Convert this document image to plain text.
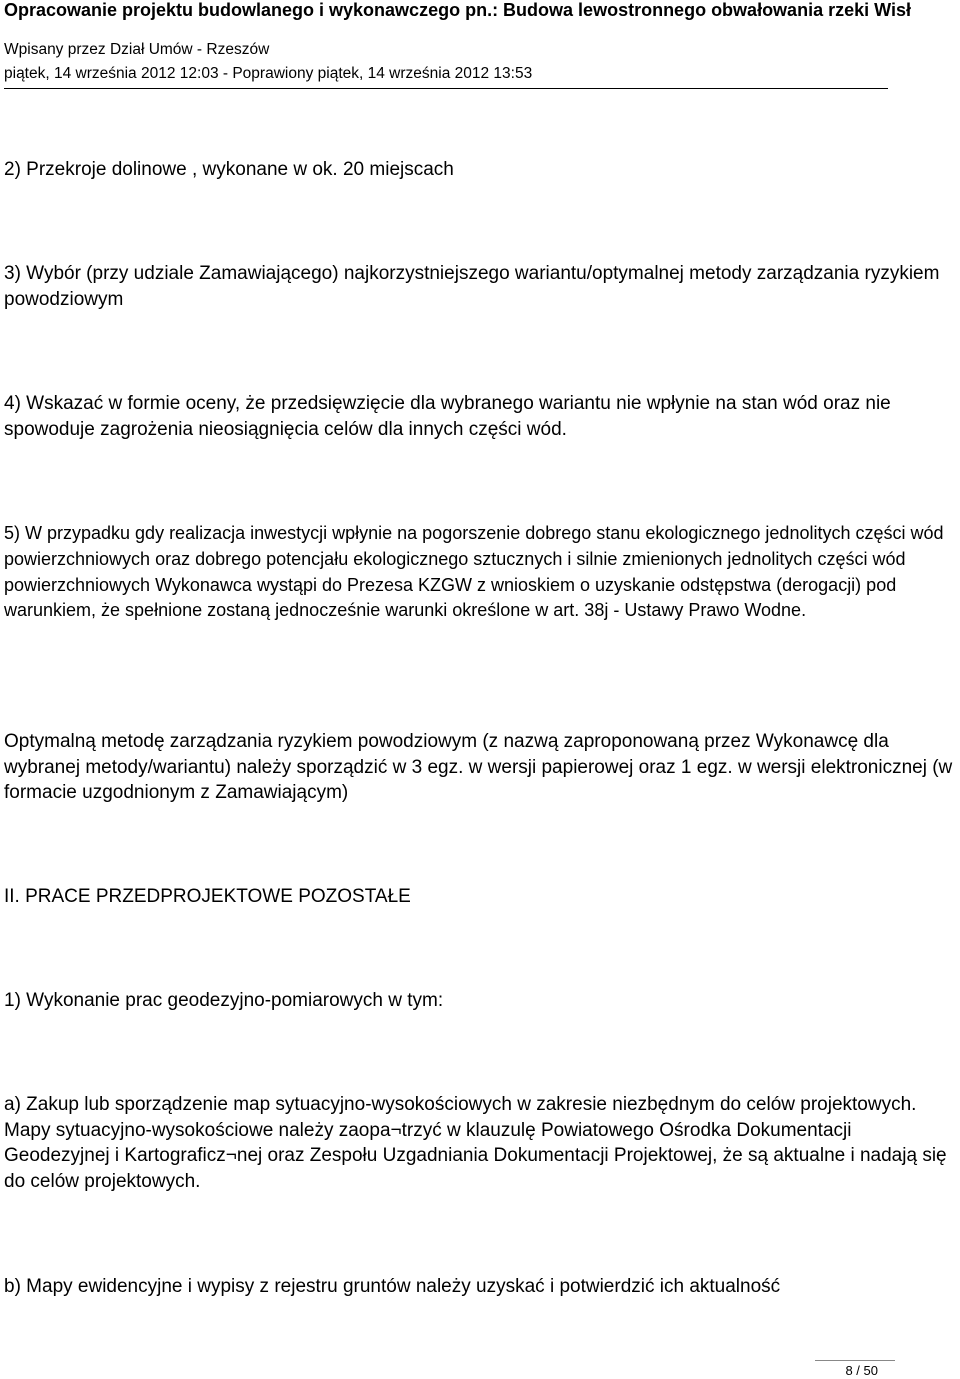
Opracowanie projektu budowlanego i wykonawczego pn.: Budowa lewostronnego obwałowania rzeki Wisł
Wpisany przez Dział Umów - Rzeszów
piątek, 14 września 2012 12:03 - Poprawiony piątek, 14 września 2012 13:53

2) Przekroje dolinowe , wykonane w ok. 20 miejscach

3) Wybór (przy udziale Zamawiającego) najkorzystniejszego wariantu/optymalnej metody zarządzania ryzykiem powodziowym

4) Wskazać w formie oceny, że przedsięwzięcie dla wybranego wariantu nie wpłynie na stan wód oraz nie spowoduje zagrożenia nieosiągnięcia celów dla innych części wód.

5) W przypadku gdy realizacja inwestycji wpłynie na pogorszenie dobrego stanu ekologicznego jednolitych części wód powierzchniowych oraz dobrego potencjału ekologicznego sztucznych i silnie zmienionych jednolitych części wód powierzchniowych Wykonawca wystąpi do Prezesa KZGW z wnioskiem o uzyskanie odstępstwa (derogacji) pod warunkiem, że spełnione zostaną jednocześnie warunki określone w art. 38j - Ustawy Prawo Wodne.

Optymalną metodę zarządzania ryzykiem powodziowym (z nazwą zaproponowaną przez Wykonawcę dla wybranej metody/wariantu) należy sporządzić w 3 egz. w wersji papierowej oraz 1 egz. w wersji elektronicznej (w formacie uzgodnionym z Zamawiającym)

II. PRACE PRZEDPROJEKTOWE POZOSTAŁE

1) Wykonanie prac geodezyjno-pomiarowych w tym:

a) Zakup lub sporządzenie map sytuacyjno-wysokościowych w zakresie niezbędnym do celów projektowych. Mapy sytuacyjno-wysokościowe należy zaopa¬trzyć w klauzulę Powiatowego Ośrodka Dokumentacji Geodezyjnej i Kartograficz¬nej oraz Zespołu Uzgadniania Dokumentacji Projektowej, że są aktualne i nadają się do celów projektowych.

b) Mapy ewidencyjne i wypisy z rejestru gruntów należy uzyskać i potwierdzić ich aktualność

8 / 50
